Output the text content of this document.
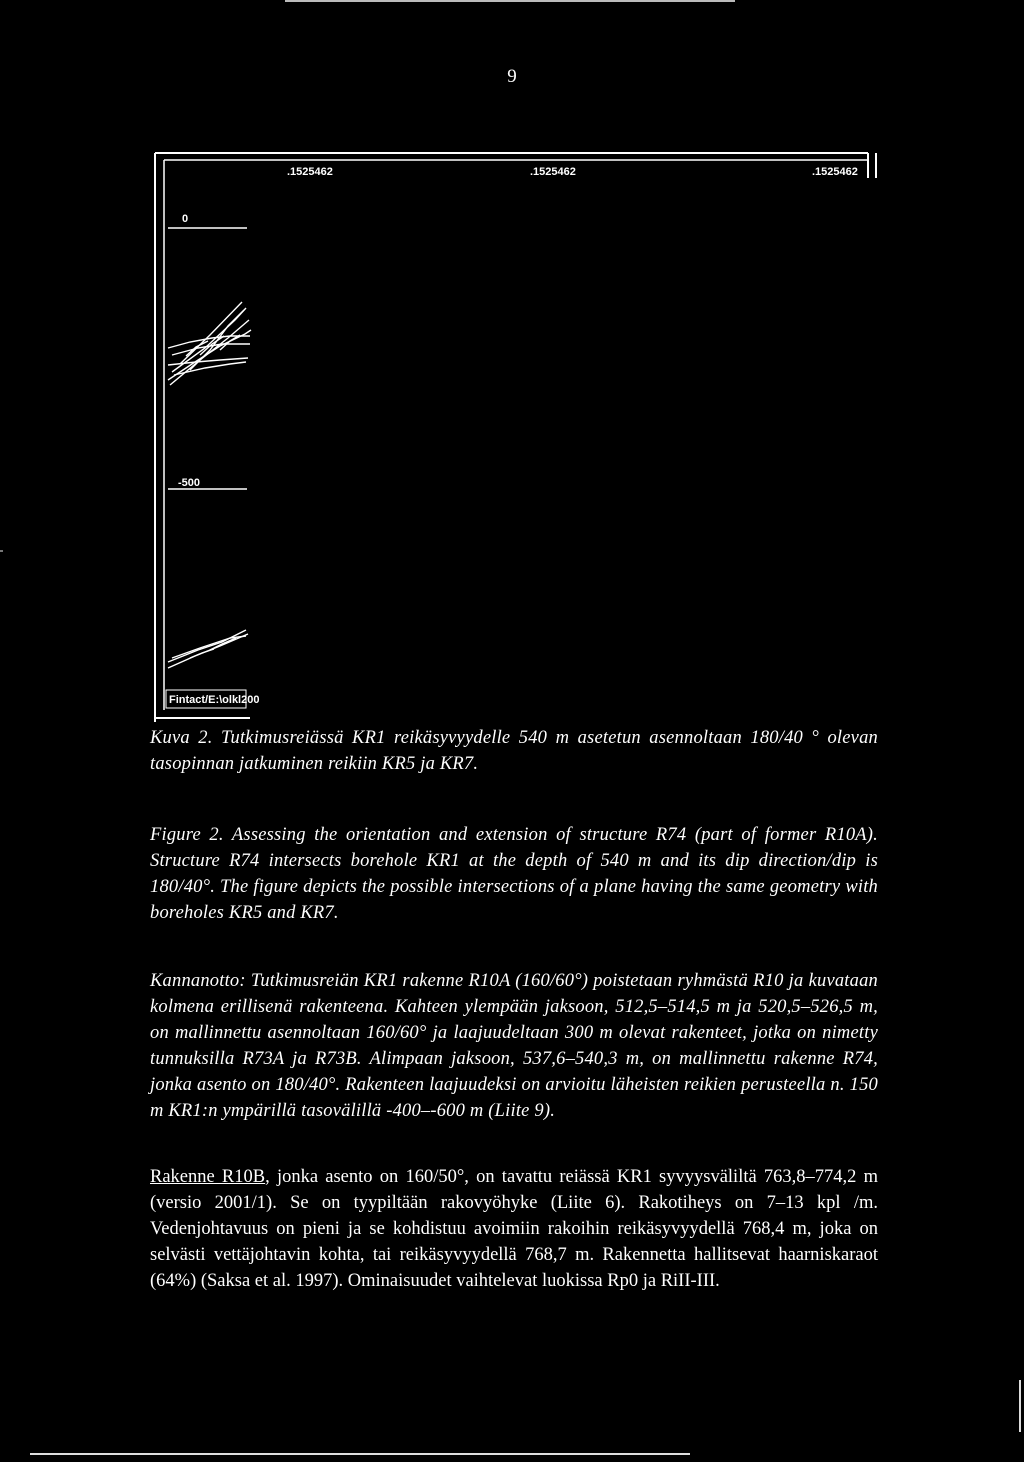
9
.1525462	.1525462	.1525462
0
-500
Fintact/E:\olkl200
Kuva 2. Tutkimusreiässä KR1 reikäsyvyydelle 540 m asetetun asennoltaan 180/40 ° olevan tasopinnan jatkuminen reikiin KR5 ja KR7.
Figure 2. Assessing the orientation and extension of structure R74 (part of former R10A). Structure R74 intersects borehole KR1 at the depth of 540 m and its dip direction/dip is 180/40°. The figure depicts the possible intersections of a plane having the same geometry with boreholes KR5 and KR7.
Kannanotto: Tutkimusreiän KR1 rakenne R10A (160/60°) poistetaan ryhmästä R10 ja kuvataan kolmena erillisenä rakenteena. Kahteen ylempään jaksoon, 512,5–514,5 m ja 520,5–526,5 m, on mallinnettu asennoltaan 160/60° ja laajuudeltaan 300 m olevat rakenteet, jotka on nimetty tunnuksilla R73A ja R73B. Alimpaan jaksoon, 537,6–540,3 m, on mallinnettu rakenne R74, jonka asento on 180/40°. Rakenteen laajuudeksi on arvioitu läheisten reikien perusteella n. 150 m KR1:n ympärillä tasovälillä -400–-600 m (Liite 9).
Rakenne R10B, jonka asento on 160/50°, on tavattu reiässä KR1 syvyysväliltä 763,8–774,2 m (versio 2001/1). Se on tyypiltään rakovyöhyke (Liite 6). Rakotiheys on 7–13 kpl /m. Vedenjohtavuus on pieni ja se kohdistuu avoimiin rakoihin reikäsyvyydellä 768,4 m, joka on selvästi vettäjohtavin kohta, tai reikäsyvyydellä 768,7 m. Rakennetta hallitsevat haarniskaraot (64%) (Saksa et al. 1997). Ominaisuudet vaihtelevat luokissa Rp0 ja RiII-III.
